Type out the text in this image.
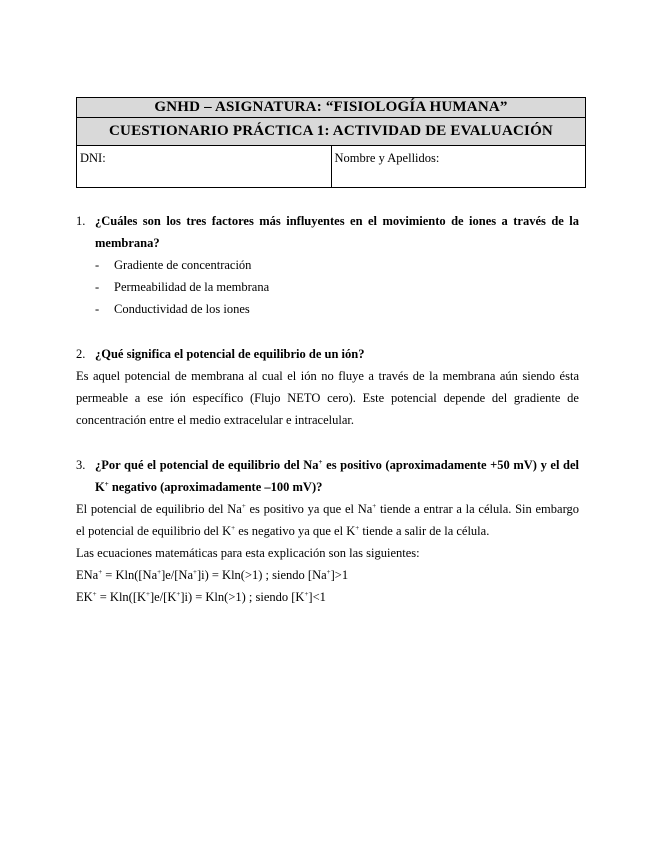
GNHD – ASIGNATURA: “FISIOLOGÍA HUMANA”
CUESTIONARIO PRÁCTICA 1: ACTIVIDAD DE EVALUACIÓN
DNI:	Nombre y Apellidos:
1. ¿Cuáles son los tres factores más influyentes en el movimiento de iones a través de la membrana?
- Gradiente de concentración
- Permeabilidad de la membrana
- Conductividad de los iones
2. ¿Qué significa el potencial de equilibrio de un ión?
Es aquel potencial de membrana al cual el ión no fluye a través de la membrana aún siendo ésta permeable a ese ión específico (Flujo NETO cero). Este potencial depende del gradiente de concentración entre el medio extracelular e intracelular.
3. ¿Por qué el potencial de equilibrio del Na+ es positivo (aproximadamente +50 mV) y el del K+ negativo (aproximadamente –100 mV)?
El potencial de equilibrio del Na+ es positivo ya que el Na+ tiende a entrar a la célula. Sin embargo el potencial de equilibrio del K+ es negativo ya que el K+ tiende a salir de la célula.
Las ecuaciones matemáticas para esta explicación son las siguientes:
ENa+ = Kln([Na+]e/[Na+]i) = Kln(>1) ; siendo [Na+]>1
EK+ = Kln([K+]e/[K+]i) = Kln(>1) ; siendo [K+]<1
